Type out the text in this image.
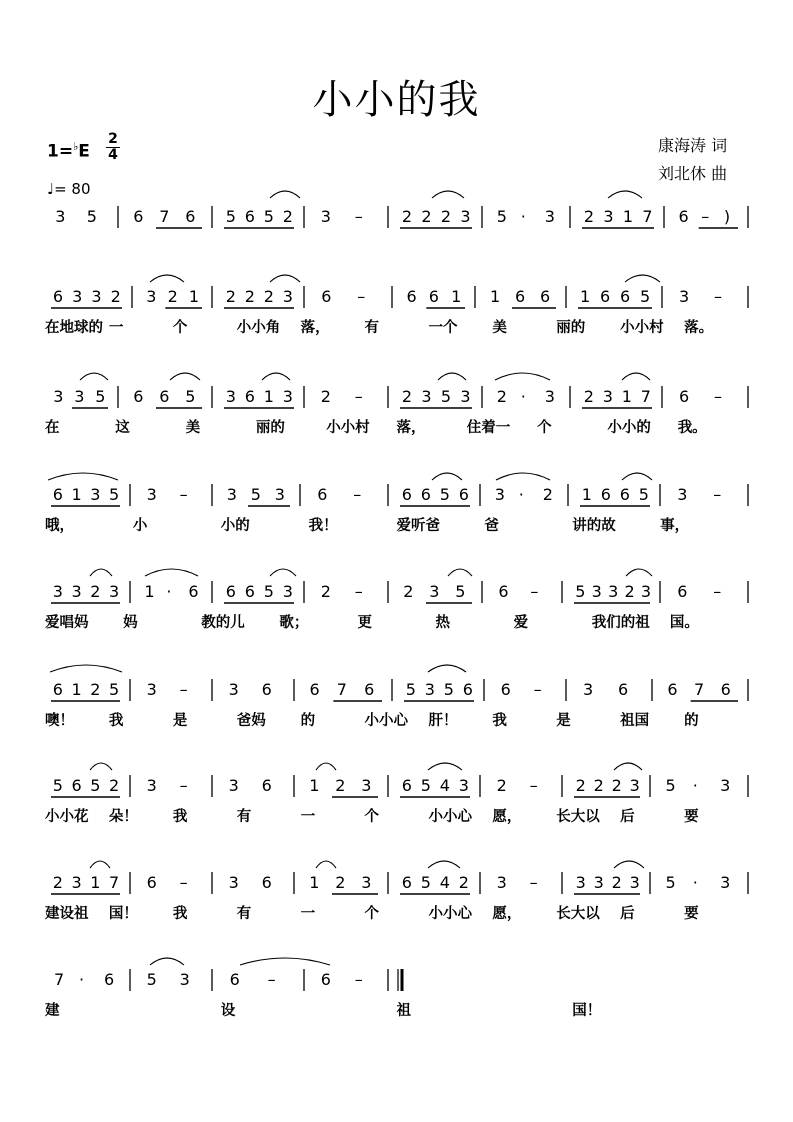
小小的我
1=♭E
2
4
♩= 80
康海涛 词
刘北休 曲
3 5 6 7 6 5 6 5 2 3 – 2 2 2 3 5 · 3 2 3 1 7 6 – )
6 3 3 2 3 2 1 2 2 2 3 6 –	6 6 1 1 6 6 1 6 6 5 3 –
3 3 5 6 6 5 3 6 1 3 2 – 2 3 5 3 2 · 3 2 3 1 7 6 –
6 1 3 5 3 – 3 5 3 6 –	6 6 5 6 3 · 2 1 6 6 5 3 –
3 3 2 3 1 · 6 6 6 5 3 2 –	2 3 5 6 – 5 3 3 2 3 6 –
6 1 2 5 3 –	3 6 6 7 6 5 3 5 6 6 –	3 6 6 7 6
5 6 5 2 3 –	3 6 1 2 3 6 5 4 3 2 – 2 2 2 3 5 · 3
2 3 1 7 6 –	3 6 1 2 3 6 5 4 2 3 – 3 3 2 3 5 · 3
7 · 6 5 3 6 –	6 –
在地球的 一	个	小小角 落， 有	一个 美	丽的 小小村 落。
在	这	美	丽的	小小村 落，	住着一 个	小小的 我。
哦，	小	小的	我！	爱听爸	爸	讲的故	事，
爱唱妈 妈	教的儿 歌；	更	热	爱	我们的祖 国。
噢！ 我	是	爸妈 的	小小心 肝！ 我	是	祖国 的
小小花 朵！ 我	有	一	个	小小心 愿， 长大以 后	要
建设祖 国！ 我	有	一	个	小小心 愿， 长大以 后	要
建	设	祖	国！
